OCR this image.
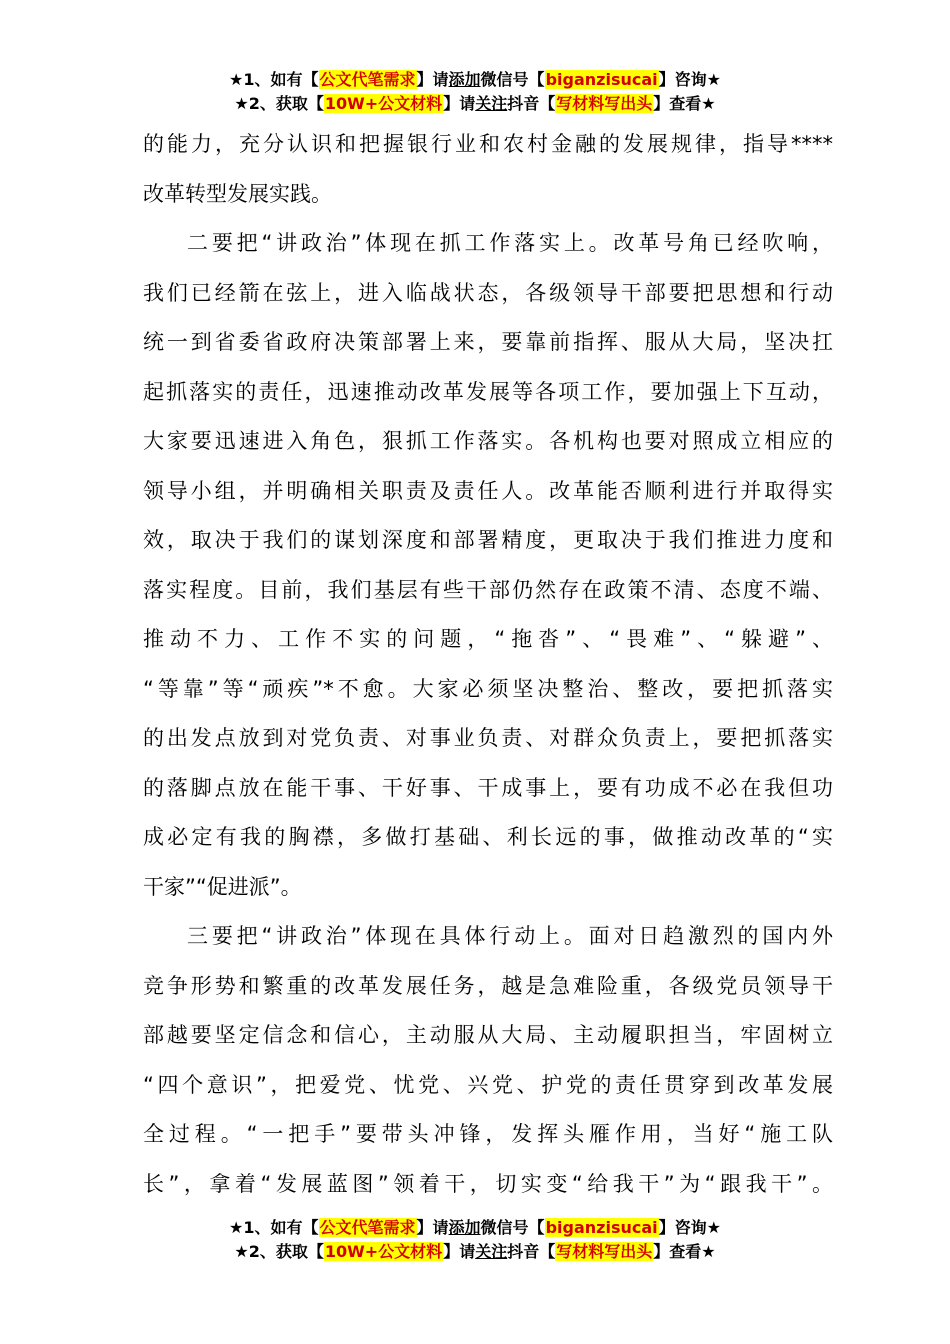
★1、如有【公文代笔需求】请添加微信号【biganzisucai】咨询★
★2、获取【10W+公文材料】请关注抖音【写材料写出头】查看★
的能力，充分认识和把握银行业和农村金融的发展规律，指导****
改革转型发展实践。
二要把“讲政治”体现在抓工作落实上。改革号角已经吹响，
我们已经箭在弦上，进入临战状态，各级领导干部要把思想和行动
统一到省委省政府决策部署上来，要靠前指挥、服从大局，坚决扛
起抓落实的责任，迅速推动改革发展等各项工作，要加强上下互动，
大家要迅速进入角色，狠抓工作落实。各机构也要对照成立相应的
领导小组，并明确相关职责及责任人。改革能否顺利进行并取得实
效，取决于我们的谋划深度和部署精度，更取决于我们推进力度和
落实程度。目前，我们基层有些干部仍然存在政策不清、态度不端、
推动不力、工作不实的问题，“拖沓”、“畏难”、“躲避”、
“等靠”等“顽疾”*不愈。大家必须坚决整治、整改，要把抓落实
的出发点放到对党负责、对事业负责、对群众负责上，要把抓落实
的落脚点放在能干事、干好事、干成事上，要有功成不必在我但功
成必定有我的胸襟，多做打基础、利长远的事，做推动改革的“实
干家”“促进派”。
三要把“讲政治”体现在具体行动上。面对日趋激烈的国内外
竞争形势和繁重的改革发展任务，越是急难险重，各级党员领导干
部越要坚定信念和信心，主动服从大局、主动履职担当，牢固树立
“四个意识”，把爱党、忧党、兴党、护党的责任贯穿到改革发展
全过程。“一把手”要带头冲锋，发挥头雁作用，当好“施工队
长”，拿着“发展蓝图”领着干，切实变“给我干”为“跟我干”。
★1、如有【公文代笔需求】请添加微信号【biganzisucai】咨询★
★2、获取【10W+公文材料】请关注抖音【写材料写出头】查看★
